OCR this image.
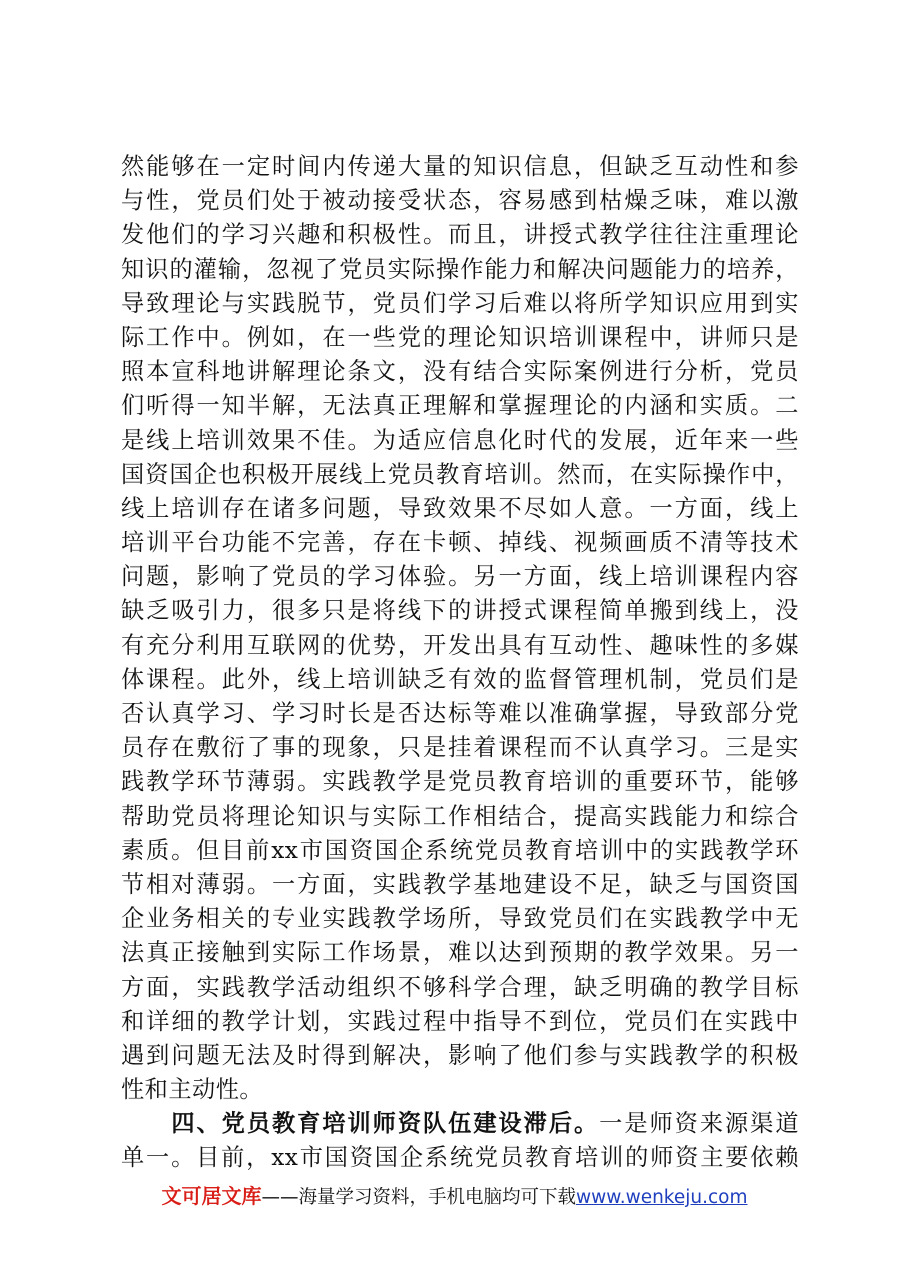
然能够在一定时间内传递大量的知识信息，但缺乏互动性和参
与性，党员们处于被动接受状态，容易感到枯燥乏味，难以激
发他们的学习兴趣和积极性。而且，讲授式教学往往注重理论
知识的灌输，忽视了党员实际操作能力和解决问题能力的培养，
导致理论与实践脱节，党员们学习后难以将所学知识应用到实
际工作中。例如，在一些党的理论知识培训课程中，讲师只是
照本宣科地讲解理论条文，没有结合实际案例进行分析，党员
们听得一知半解，无法真正理解和掌握理论的内涵和实质。二
是线上培训效果不佳。为适应信息化时代的发展，近年来一些
国资国企也积极开展线上党员教育培训。然而，在实际操作中，
线上培训存在诸多问题，导致效果不尽如人意。一方面，线上
培训平台功能不完善，存在卡顿、掉线、视频画质不清等技术
问题，影响了党员的学习体验。另一方面，线上培训课程内容
缺乏吸引力，很多只是将线下的讲授式课程简单搬到线上，没
有充分利用互联网的优势，开发出具有互动性、趣味性的多媒
体课程。此外，线上培训缺乏有效的监督管理机制，党员们是
否认真学习、学习时长是否达标等难以准确掌握，导致部分党
员存在敷衍了事的现象，只是挂着课程而不认真学习。三是实
践教学环节薄弱。实践教学是党员教育培训的重要环节，能够
帮助党员将理论知识与实际工作相结合，提高实践能力和综合
素质。但目前xx市国资国企系统党员教育培训中的实践教学环
节相对薄弱。一方面，实践教学基地建设不足，缺乏与国资国
企业务相关的专业实践教学场所，导致党员们在实践教学中无
法真正接触到实际工作场景，难以达到预期的教学效果。另一
方面，实践教学活动组织不够科学合理，缺乏明确的教学目标
和详细的教学计划，实践过程中指导不到位，党员们在实践中
遇到问题无法及时得到解决，影响了他们参与实践教学的积极
性和主动性。
　　四、党员教育培训师资队伍建设滞后。一是师资来源渠道
单一。目前，xx市国资国企系统党员教育培训的师资主要依赖
文可居文库——海量学习资料，手机电脑均可下载www.wenkeju.com
